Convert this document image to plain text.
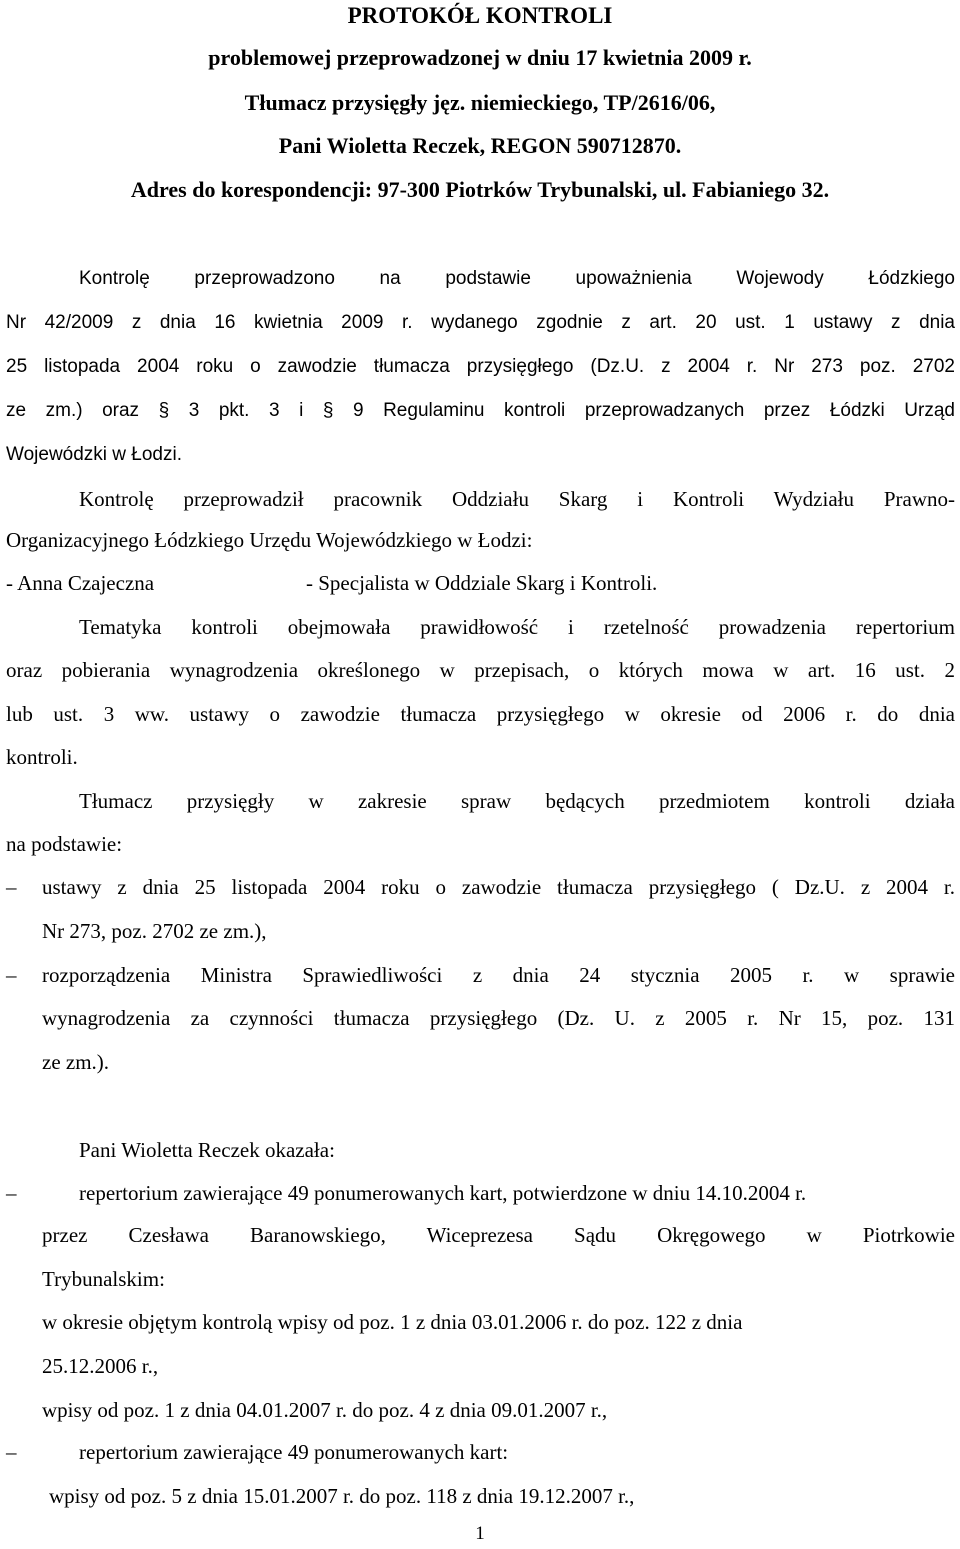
PROTOKÓŁ KONTROLI
problemowej przeprowadzonej w dniu 17 kwietnia 2009 r.
Tłumacz przysięgły jęz. niemieckiego, TP/2616/06,
Pani Wioletta Reczek, REGON 590712870.
Adres do korespondencji: 97-300 Piotrków Trybunalski, ul. Fabianiego 32.
Kontrolę przeprowadzono na podstawie upoważnienia Wojewody Łódzkiego
Nr 42/2009 z dnia 16 kwietnia 2009 r. wydanego zgodnie z art. 20 ust. 1 ustawy z dnia
25 listopada 2004 roku o zawodzie tłumacza przysięgłego (Dz.U. z 2004 r. Nr 273 poz. 2702
ze zm.) oraz § 3 pkt. 3 i § 9 Regulaminu kontroli przeprowadzanych przez Łódzki Urząd
Wojewódzki w Łodzi.
Kontrolę przeprowadził pracownik Oddziału Skarg i Kontroli Wydziału Prawno-
Organizacyjnego Łódzkiego Urzędu Wojewódzkiego w Łodzi:
- Anna Czajeczna	- Specjalista w Oddziale Skarg i Kontroli.
Tematyka kontroli obejmowała prawidłowość i rzetelność prowadzenia repertorium
oraz pobierania wynagrodzenia określonego w przepisach, o których mowa w art. 16 ust. 2
lub ust. 3 ww. ustawy o zawodzie tłumacza przysięgłego w okresie od 2006 r. do dnia
kontroli.
Tłumacz przysięgły w zakresie spraw będących przedmiotem kontroli działa
na podstawie:
– ustawy z dnia 25 listopada 2004 roku o zawodzie tłumacza przysięgłego ( Dz.U. z 2004 r.
Nr 273, poz. 2702 ze zm.),
– rozporządzenia Ministra Sprawiedliwości z dnia 24 stycznia 2005 r. w sprawie
wynagrodzenia za czynności tłumacza przysięgłego (Dz. U. z 2005 r. Nr 15, poz. 131
ze zm.).
Pani Wioletta Reczek okazała:
–	repertorium zawierające 49 ponumerowanych kart, potwierdzone w dniu 14.10.2004 r.
przez Czesława Baranowskiego, Wiceprezesa Sądu Okręgowego w Piotrkowie
Trybunalskim:
w okresie objętym kontrolą wpisy od poz. 1 z dnia 03.01.2006 r. do poz. 122 z dnia
25.12.2006 r.,
wpisy od poz. 1 z dnia 04.01.2007 r. do poz. 4 z dnia 09.01.2007 r.,
–	repertorium zawierające 49 ponumerowanych kart:
wpisy od poz. 5 z dnia 15.01.2007 r. do poz. 118 z dnia 19.12.2007 r.,
1
